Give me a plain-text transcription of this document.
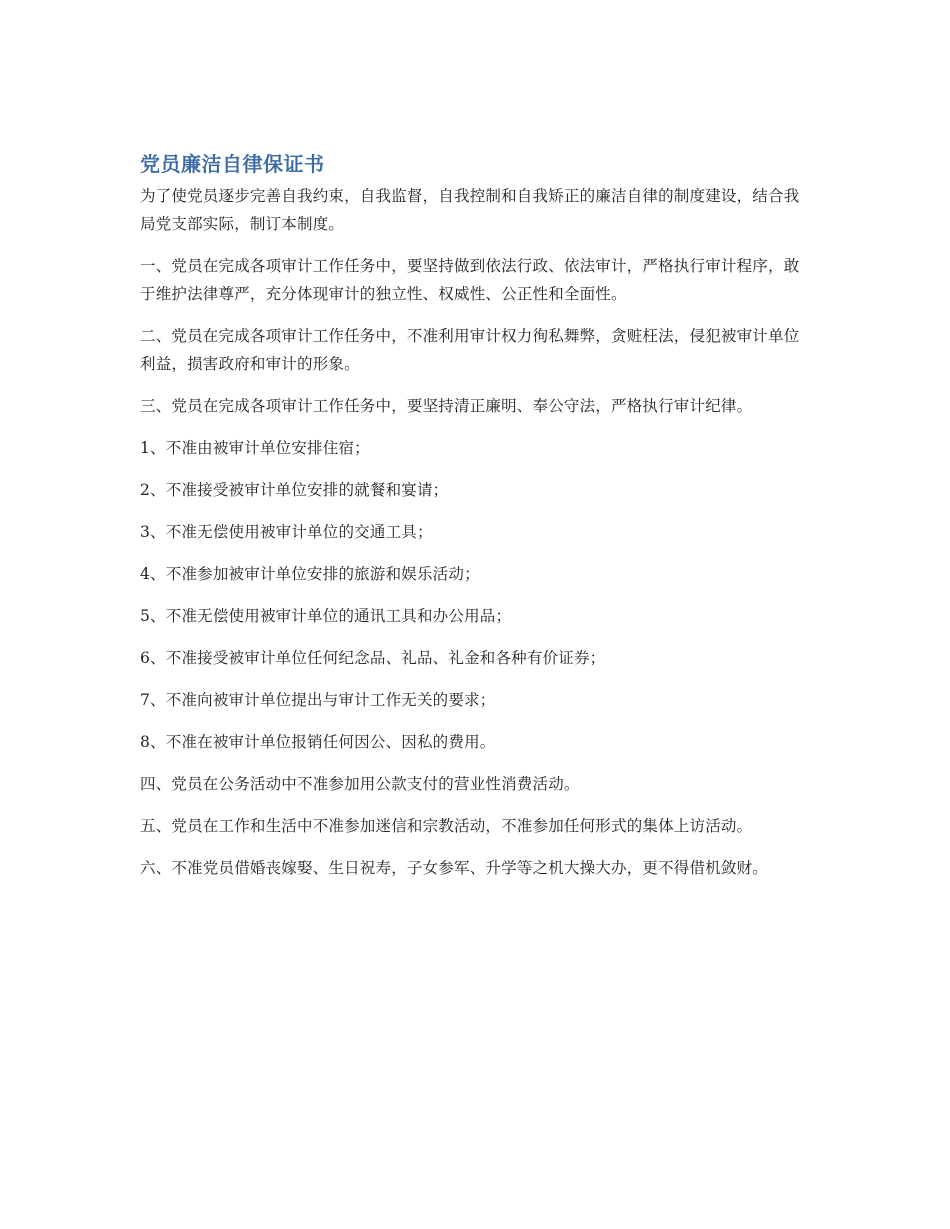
党员廉洁自律保证书

为了使党员逐步完善自我约束，自我监督，自我控制和自我矫正的廉洁自律的制度建设，结合我局党支部实际，制订本制度。

一、党员在完成各项审计工作任务中，要坚持做到依法行政、依法审计，严格执行审计程序，敢于维护法律尊严，充分体现审计的独立性、权威性、公正性和全面性。

二、党员在完成各项审计工作任务中，不准利用审计权力徇私舞弊，贪赃枉法，侵犯被审计单位利益，损害政府和审计的形象。

三、党员在完成各项审计工作任务中，要坚持清正廉明、奉公守法，严格执行审计纪律。

1、不准由被审计单位安排住宿；

2、不准接受被审计单位安排的就餐和宴请；

3、不准无偿使用被审计单位的交通工具；

4、不准参加被审计单位安排的旅游和娱乐活动；

5、不准无偿使用被审计单位的通讯工具和办公用品；

6、不准接受被审计单位任何纪念品、礼品、礼金和各种有价证券；

7、不准向被审计单位提出与审计工作无关的要求；

8、不准在被审计单位报销任何因公、因私的费用。

四、党员在公务活动中不准参加用公款支付的营业性消费活动。

五、党员在工作和生活中不准参加迷信和宗教活动，不准参加任何形式的集体上访活动。

六、不准党员借婚丧嫁娶、生日祝寿，子女参军、升学等之机大操大办，更不得借机敛财。
